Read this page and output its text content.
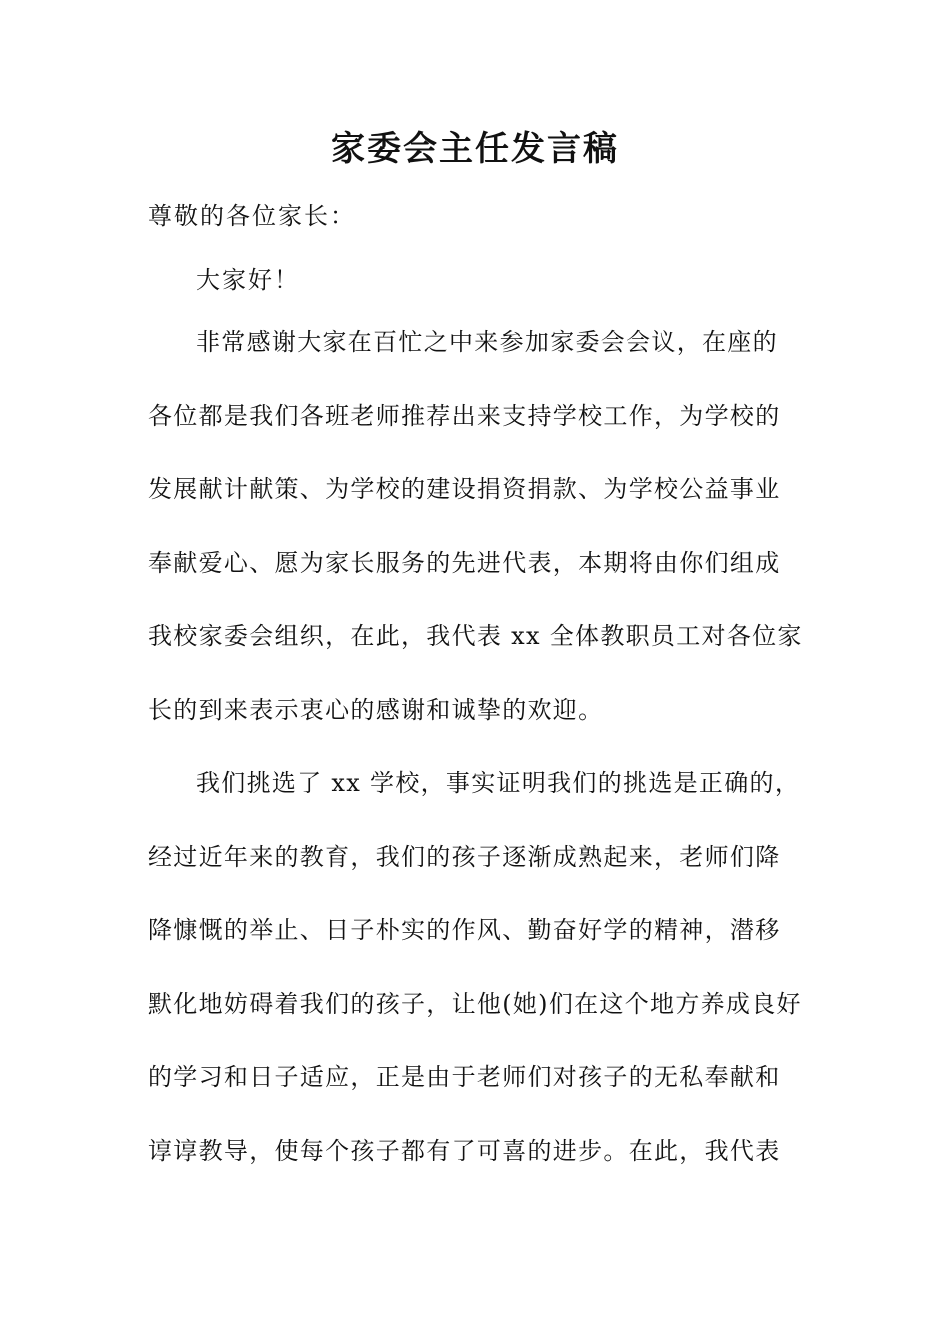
家委会主任发言稿
尊敬的各位家长：
大家好！
非常感谢大家在百忙之中来参加家委会会议，在座的
各位都是我们各班老师推荐出来支持学校工作，为学校的
发展献计献策、为学校的建设捐资捐款、为学校公益事业
奉献爱心、愿为家长服务的先进代表，本期将由你们组成
我校家委会组织，在此，我代表 xx 全体教职员工对各位家
长的到来表示衷心的感谢和诚挚的欢迎。
我们挑选了 xx 学校，事实证明我们的挑选是正确的，
经过近年来的教育，我们的孩子逐渐成熟起来，老师们降
降慷慨的举止、日子朴实的作风、勤奋好学的精神，潜移
默化地妨碍着我们的孩子，让他(她)们在这个地方养成良好
的学习和日子适应，正是由于老师们对孩子的无私奉献和
谆谆教导，使每个孩子都有了可喜的进步。在此，我代表
